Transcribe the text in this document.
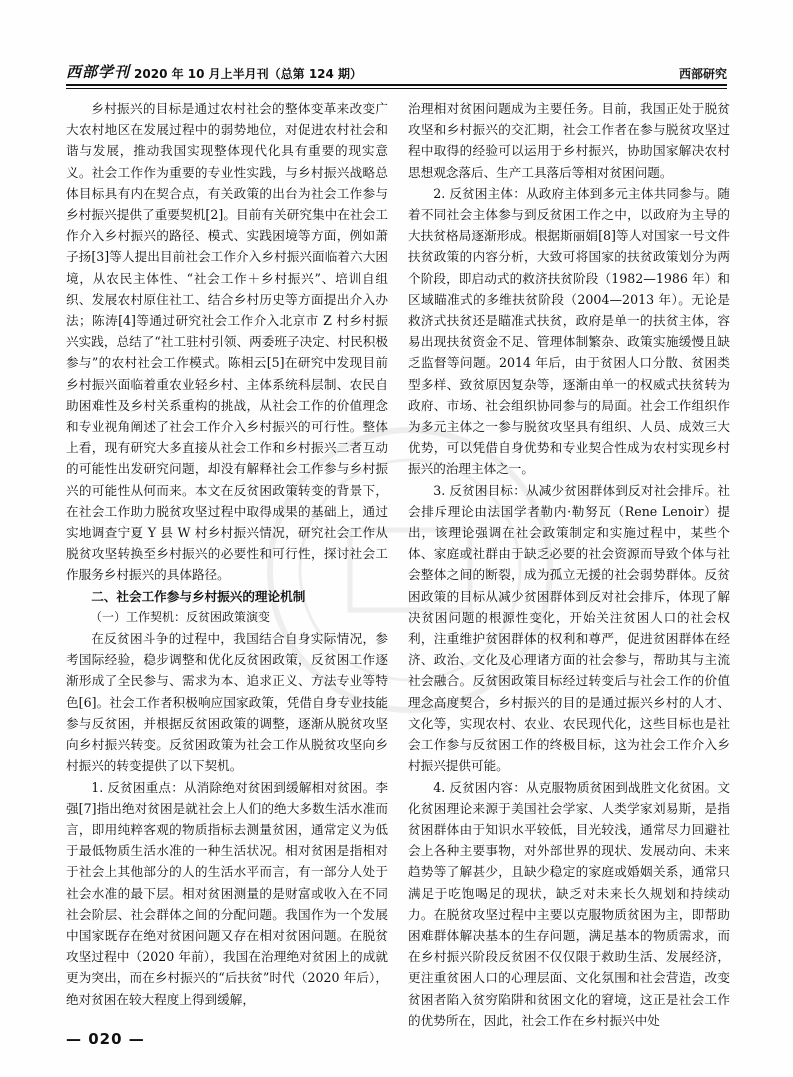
西部学刊 2020 年 10 月上半月刊（总第 124 期）	西部研究

乡村振兴的目标是通过农村社会的整体变革来改变广大农村地区在发展过程中的弱势地位，对促进农村社会和谐与发展，推动我国实现整体现代化具有重要的现实意义。社会工作作为重要的专业性实践，与乡村振兴战略总体目标具有内在契合点，有关政策的出台为社会工作参与乡村振兴提供了重要契机[2]。目前有关研究集中在社会工作介入乡村振兴的路径、模式、实践困境等方面，例如萧子扬[3]等人提出目前社会工作介入乡村振兴面临着六大困境，从农民主体性、“社会工作＋乡村振兴”、培训自组织、发展农村原住社工、结合乡村历史等方面提出介入办法；陈涛[4]等通过研究社会工作介入北京市 Z 村乡村振兴实践，总结了“社工驻村引领、两委班子决定、村民积极参与”的农村社会工作模式。陈相云[5]在研究中发现目前乡村振兴面临着重农业轻乡村、主体系统科层制、农民自助困难性及乡村关系重构的挑战，从社会工作的价值理念和专业视角阐述了社会工作介入乡村振兴的可行性。整体上看，现有研究大多直接从社会工作和乡村振兴二者互动的可能性出发研究问题，却没有解释社会工作参与乡村振兴的可能性从何而来。本文在反贫困政策转变的背景下，在社会工作助力脱贫攻坚过程中取得成果的基础上，通过实地调查宁夏 Y 县 W 村乡村振兴情况，研究社会工作从脱贫攻坚转换至乡村振兴的必要性和可行性，探讨社会工作服务乡村振兴的具体路径。

二、社会工作参与乡村振兴的理论机制
（一）工作契机：反贫困政策演变

在反贫困斗争的过程中，我国结合自身实际情况，参考国际经验，稳步调整和优化反贫困政策，反贫困工作逐渐形成了全民参与、需求为本、追求正义、方法专业等特色[6]。社会工作者积极响应国家政策，凭借自身专业技能参与反贫困，并根据反贫困政策的调整，逐渐从脱贫攻坚向乡村振兴转变。反贫困政策为社会工作从脱贫攻坚向乡村振兴的转变提供了以下契机。

1. 反贫困重点：从消除绝对贫困到缓解相对贫困。李强[7]指出绝对贫困是就社会上人们的绝大多数生活水准而言，即用纯粹客观的物质指标去测量贫困，通常定义为低于最低物质生活水准的一种生活状况。相对贫困是指相对于社会上其他部分的人的生活水平而言，有一部分人处于社会水准的最下层。相对贫困测量的是财富或收入在不同社会阶层、社会群体之间的分配问题。我国作为一个发展中国家既存在绝对贫困问题又存在相对贫困问题。在脱贫攻坚过程中（2020 年前），我国在治理绝对贫困上的成就更为突出，而在乡村振兴的“后扶贫”时代（2020 年后），绝对贫困在较大程度上得到缓解，

治理相对贫困问题成为主要任务。目前，我国正处于脱贫攻坚和乡村振兴的交汇期，社会工作者在参与脱贫攻坚过程中取得的经验可以运用于乡村振兴，协助国家解决农村思想观念落后、生产工具落后等相对贫困问题。

2. 反贫困主体：从政府主体到多元主体共同参与。随着不同社会主体参与到反贫困工作之中，以政府为主导的大扶贫格局逐渐形成。根据斯丽娟[8]等人对国家一号文件扶贫政策的内容分析，大致可将国家的扶贫政策划分为两个阶段，即启动式的救济扶贫阶段（1982—1986 年）和区域瞄准式的多维扶贫阶段（2004—2013 年）。无论是救济式扶贫还是瞄准式扶贫，政府是单一的扶贫主体，容易出现扶贫资金不足、管理体制繁杂、政策实施缓慢且缺乏监督等问题。2014 年后，由于贫困人口分散、贫困类型多样、致贫原因复杂等，逐渐由单一的权威式扶贫转为政府、市场、社会组织协同参与的局面。社会工作组织作为多元主体之一参与脱贫攻坚具有组织、人员、成效三大优势，可以凭借自身优势和专业契合性成为农村实现乡村振兴的治理主体之一。

3. 反贫困目标：从减少贫困群体到反对社会排斥。社会排斥理论由法国学者勒内·勒努瓦（Rene Lenoir）提出，该理论强调在社会政策制定和实施过程中，某些个体、家庭或社群由于缺乏必要的社会资源而导致个体与社会整体之间的断裂，成为孤立无援的社会弱势群体。反贫困政策的目标从减少贫困群体到反对社会排斥，体现了解决贫困问题的根源性变化，开始关注贫困人口的社会权利，注重维护贫困群体的权利和尊严，促进贫困群体在经济、政治、文化及心理诸方面的社会参与，帮助其与主流社会融合。反贫困政策目标经过转变后与社会工作的价值理念高度契合，乡村振兴的目的是通过振兴乡村的人才、文化等，实现农村、农业、农民现代化，这些目标也是社会工作参与反贫困工作的终极目标，这为社会工作介入乡村振兴提供可能。

4. 反贫困内容：从克服物质贫困到战胜文化贫困。文化贫困理论来源于美国社会学家、人类学家刘易斯，是指贫困群体由于知识水平较低，目光较浅，通常尽力回避社会上各种主要事物，对外部世界的现状、发展动向、未来趋势等了解甚少，且缺少稳定的家庭或婚姻关系，通常只满足于吃饱喝足的现状，缺乏对未来长久规划和持续动力。在脱贫攻坚过程中主要以克服物质贫困为主，即帮助困难群体解决基本的生存问题，满足基本的物质需求，而在乡村振兴阶段反贫困不仅仅限于救助生活、发展经济，更注重贫困人口的心理层面、文化氛围和社会营造，改变贫困者陷入贫穷陷阱和贫困文化的窘境，这正是社会工作的优势所在，因此，社会工作在乡村振兴中处

— 020 —
